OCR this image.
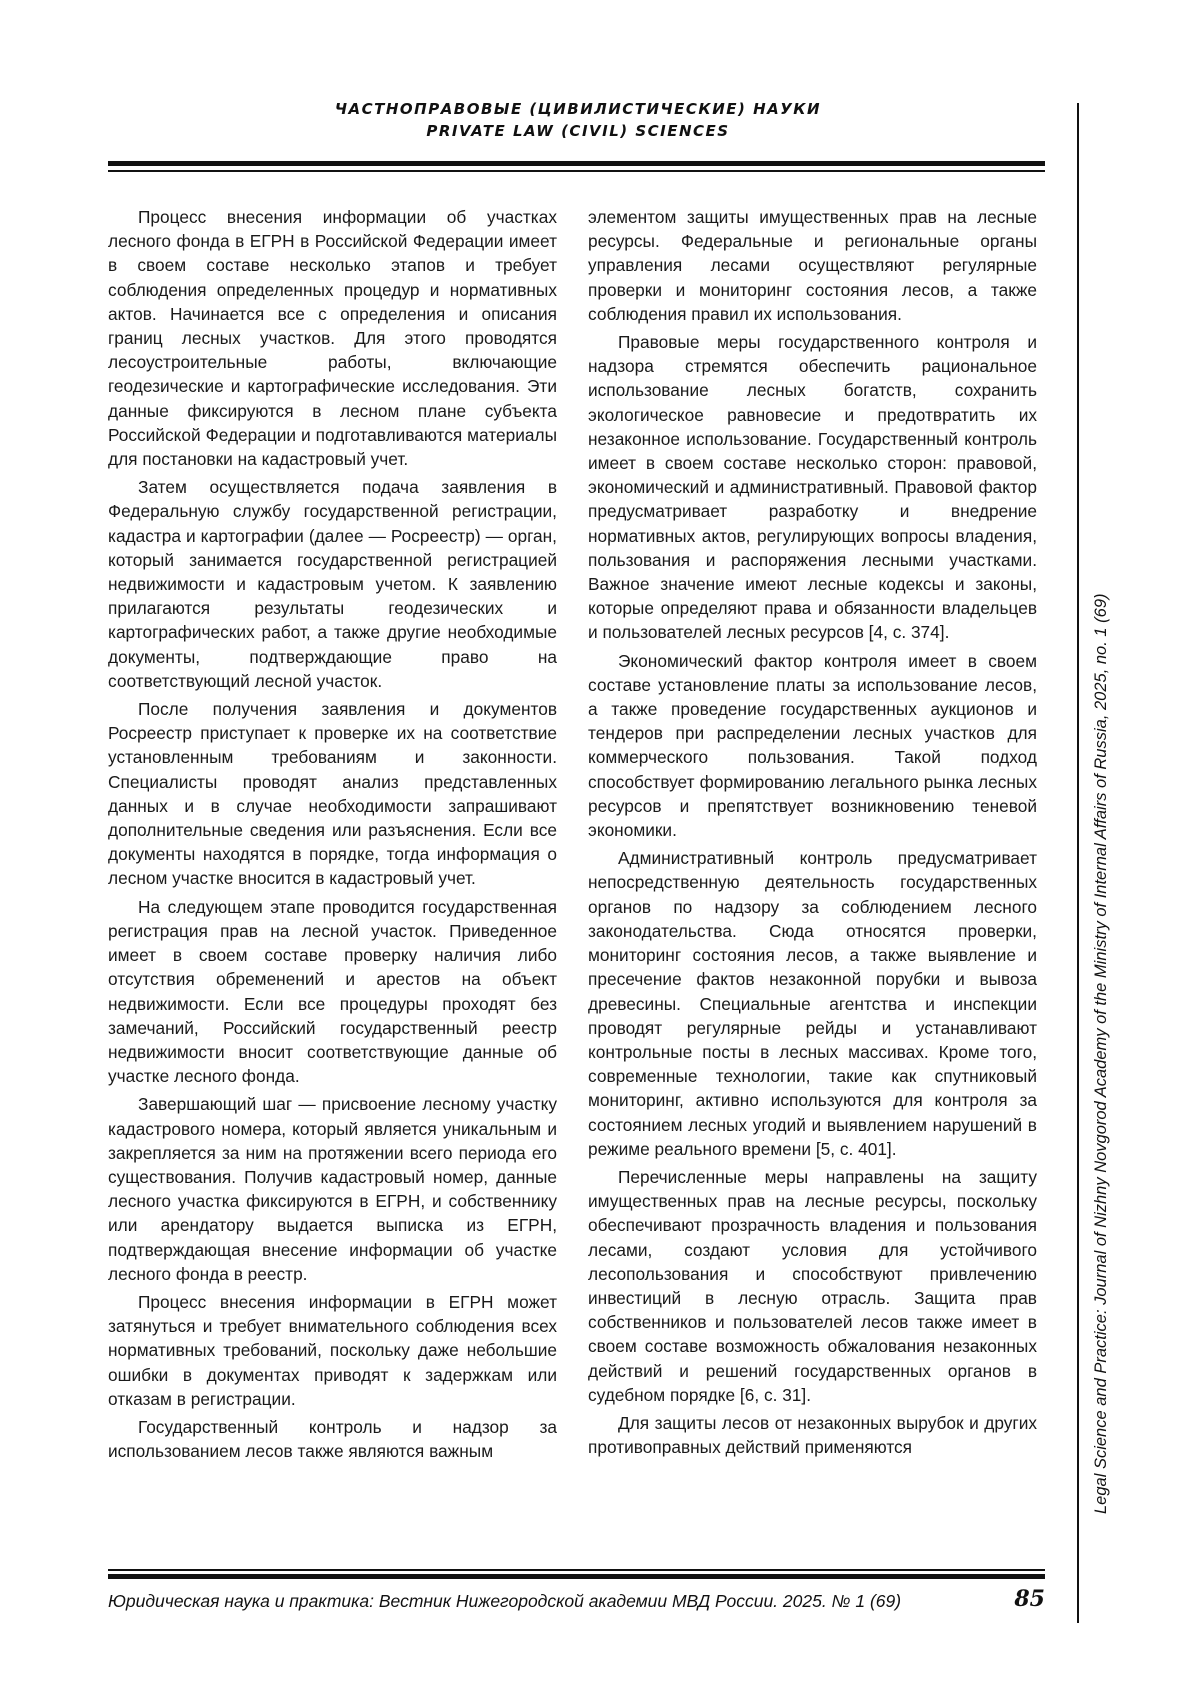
ЧАСТНОПРАВОВЫЕ (ЦИВИЛИСТИЧЕСКИЕ) НАУКИ
PRIVATE LAW (CIVIL) SCIENCES

Процесс внесения информации об участках лесного фонда в ЕГРН в Российской Федерации имеет в своем составе несколько этапов и требует соблюдения определенных процедур и нормативных актов. Начинается все с определения и описания границ лесных участков. Для этого проводятся лесоустроительные работы, включающие геодезические и картографические исследования. Эти данные фиксируются в лесном плане субъекта Российской Федерации и подготавливаются материалы для постановки на кадастровый учет.

Затем осуществляется подача заявления в Федеральную службу государственной регистрации, кадастра и картографии (далее — Росреестр) — орган, который занимается государственной регистрацией недвижимости и кадастровым учетом. К заявлению прилагаются результаты геодезических и картографических работ, а также другие необходимые документы, подтверждающие право на соответствующий лесной участок.

После получения заявления и документов Росреестр приступает к проверке их на соответствие установленным требованиям и законности. Специалисты проводят анализ представленных данных и в случае необходимости запрашивают дополнительные сведения или разъяснения. Если все документы находятся в порядке, тогда информация о лесном участке вносится в кадастровый учет.

На следующем этапе проводится государственная регистрация прав на лесной участок. Приведенное имеет в своем составе проверку наличия либо отсутствия обременений и арестов на объект недвижимости. Если все процедуры проходят без замечаний, Российский государственный реестр недвижимости вносит соответствующие данные об участке лесного фонда.

Завершающий шаг — присвоение лесному участку кадастрового номера, который является уникальным и закрепляется за ним на протяжении всего периода его существования. Получив кадастровый номер, данные лесного участка фиксируются в ЕГРН, и собственнику или арендатору выдается выписка из ЕГРН, подтверждающая внесение информации об участке лесного фонда в реестр.

Процесс внесения информации в ЕГРН может затянуться и требует внимательного соблюдения всех нормативных требований, поскольку даже небольшие ошибки в документах приводят к задержкам или отказам в регистрации.

Государственный контроль и надзор за использованием лесов также являются важным

элементом защиты имущественных прав на лесные ресурсы. Федеральные и региональные органы управления лесами осуществляют регулярные проверки и мониторинг состояния лесов, а также соблюдения правил их использования.

Правовые меры государственного контроля и надзора стремятся обеспечить рациональное использование лесных богатств, сохранить экологическое равновесие и предотвратить их незаконное использование. Государственный контроль имеет в своем составе несколько сторон: правовой, экономический и административный. Правовой фактор предусматривает разработку и внедрение нормативных актов, регулирующих вопросы владения, пользования и распоряжения лесными участками. Важное значение имеют лесные кодексы и законы, которые определяют права и обязанности владельцев и пользователей лесных ресурсов [4, с. 374].

Экономический фактор контроля имеет в своем составе установление платы за использование лесов, а также проведение государственных аукционов и тендеров при распределении лесных участков для коммерческого пользования. Такой подход способствует формированию легального рынка лесных ресурсов и препятствует возникновению теневой экономики.

Административный контроль предусматривает непосредственную деятельность государственных органов по надзору за соблюдением лесного законодательства. Сюда относятся проверки, мониторинг состояния лесов, а также выявление и пресечение фактов незаконной порубки и вывоза древесины. Специальные агентства и инспекции проводят регулярные рейды и устанавливают контрольные посты в лесных массивах. Кроме того, современные технологии, такие как спутниковый мониторинг, активно используются для контроля за состоянием лесных угодий и выявлением нарушений в режиме реального времени [5, с. 401].

Перечисленные меры направлены на защиту имущественных прав на лесные ресурсы, поскольку обеспечивают прозрачность владения и пользования лесами, создают условия для устойчивого лесопользования и способствуют привлечению инвестиций в лесную отрасль. Защита прав собственников и пользователей лесов также имеет в своем составе возможность обжалования незаконных действий и решений государственных органов в судебном порядке [6, с. 31].

Для защиты лесов от незаконных вырубок и других противоправных действий применяются	Legal Science and Practice: Journal of Nizhny Novgorod Academy of the Ministry of Internal Affairs of Russia, 2025, no. 1 (69)
Юридическая наука и практика: Вестник Нижегородской академии МВД России. 2025. № 1 (69)	85
